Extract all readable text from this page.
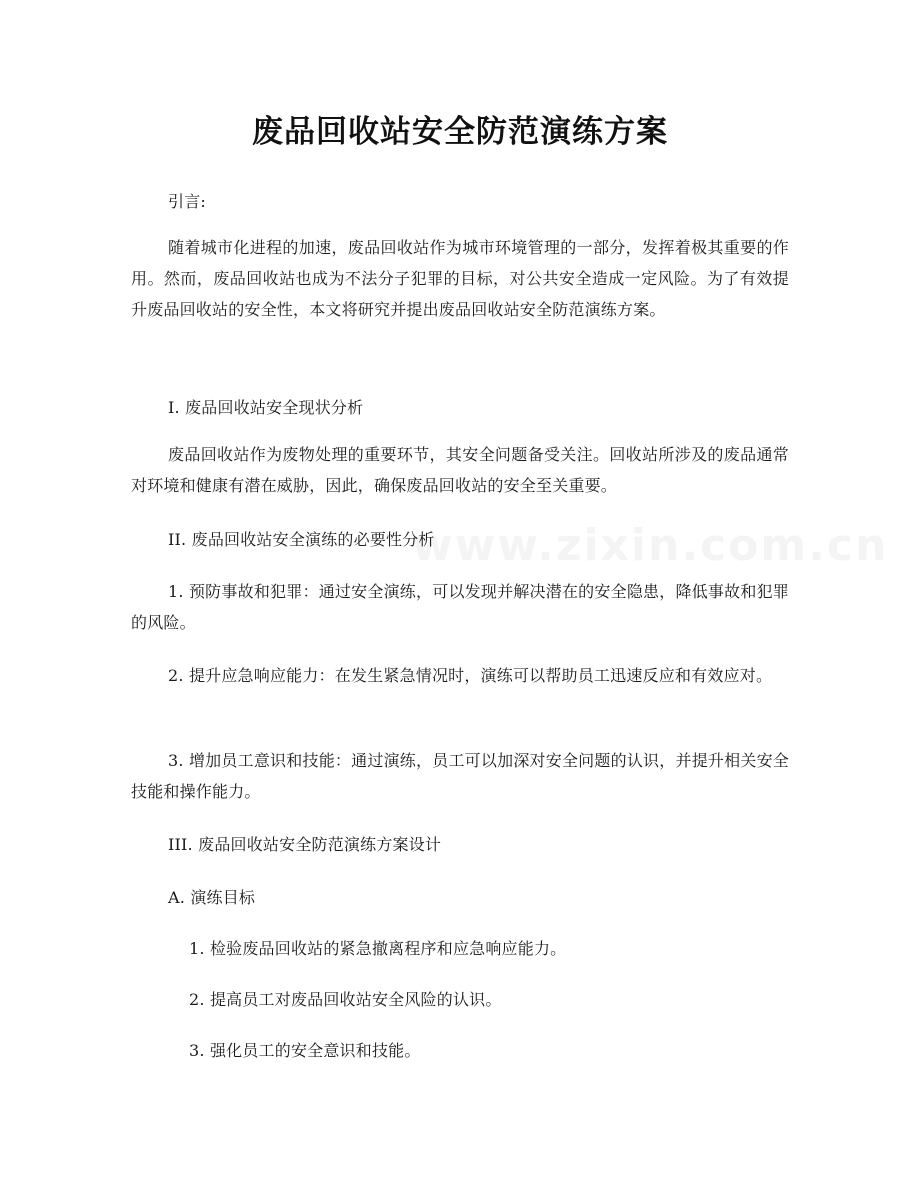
www.zixin.com.cn
废品回收站安全防范演练方案

引言:

随着城市化进程的加速，废品回收站作为城市环境管理的一部分，发挥着极其重要的作用。然而，废品回收站也成为不法分子犯罪的目标，对公共安全造成一定风险。为了有效提升废品回收站的安全性，本文将研究并提出废品回收站安全防范演练方案。

I. 废品回收站安全现状分析

废品回收站作为废物处理的重要环节，其安全问题备受关注。回收站所涉及的废品通常对环境和健康有潜在威胁，因此，确保废品回收站的安全至关重要。

II. 废品回收站安全演练的必要性分析

1. 预防事故和犯罪：通过安全演练，可以发现并解决潜在的安全隐患，降低事故和犯罪的风险。

2. 提升应急响应能力：在发生紧急情况时，演练可以帮助员工迅速反应和有效应对。

3. 增加员工意识和技能：通过演练，员工可以加深对安全问题的认识，并提升相关安全技能和操作能力。

III. 废品回收站安全防范演练方案设计

A. 演练目标

1. 检验废品回收站的紧急撤离程序和应急响应能力。

2. 提高员工对废品回收站安全风险的认识。

3. 强化员工的安全意识和技能。
